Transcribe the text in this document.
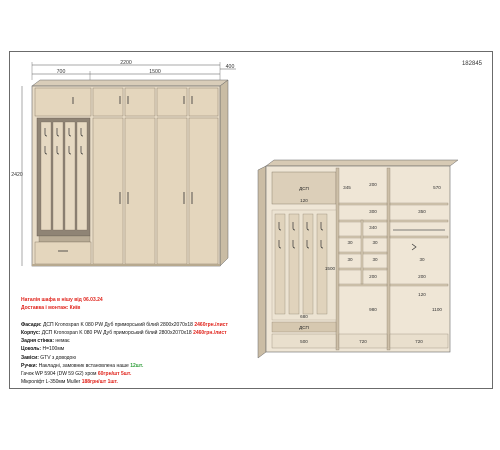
182845
2200
700	1500
400
2420
ДСП
ДСП
345
200
570
300	350
340
30	30
30	30	30
200	200
1100
1500
980
500	720	720
680
120
120
Наталія шафа в нішу від 06.03.24
Доставка і монтаж: Київ
Фасади: ДСП Kronospan K 080 PW Дуб приморський білий 2800х2070х18 2460грн./лист
Корпус: ДСП Kronospan K 080 PW Дуб приморський білий 2800х2070х18 2460грн./лист
Задня стінка: немає
Цоколь: Н=100мм
Завіси: GTV з доводою
Ручки: Накладні, замовник встановлена наше 12шт.
Гачок WP 5904 (DW 59 G2) хром 60грн/шт 5шт.
Мікроліфт L-350мм Muller 188грн/шт 1шт.
